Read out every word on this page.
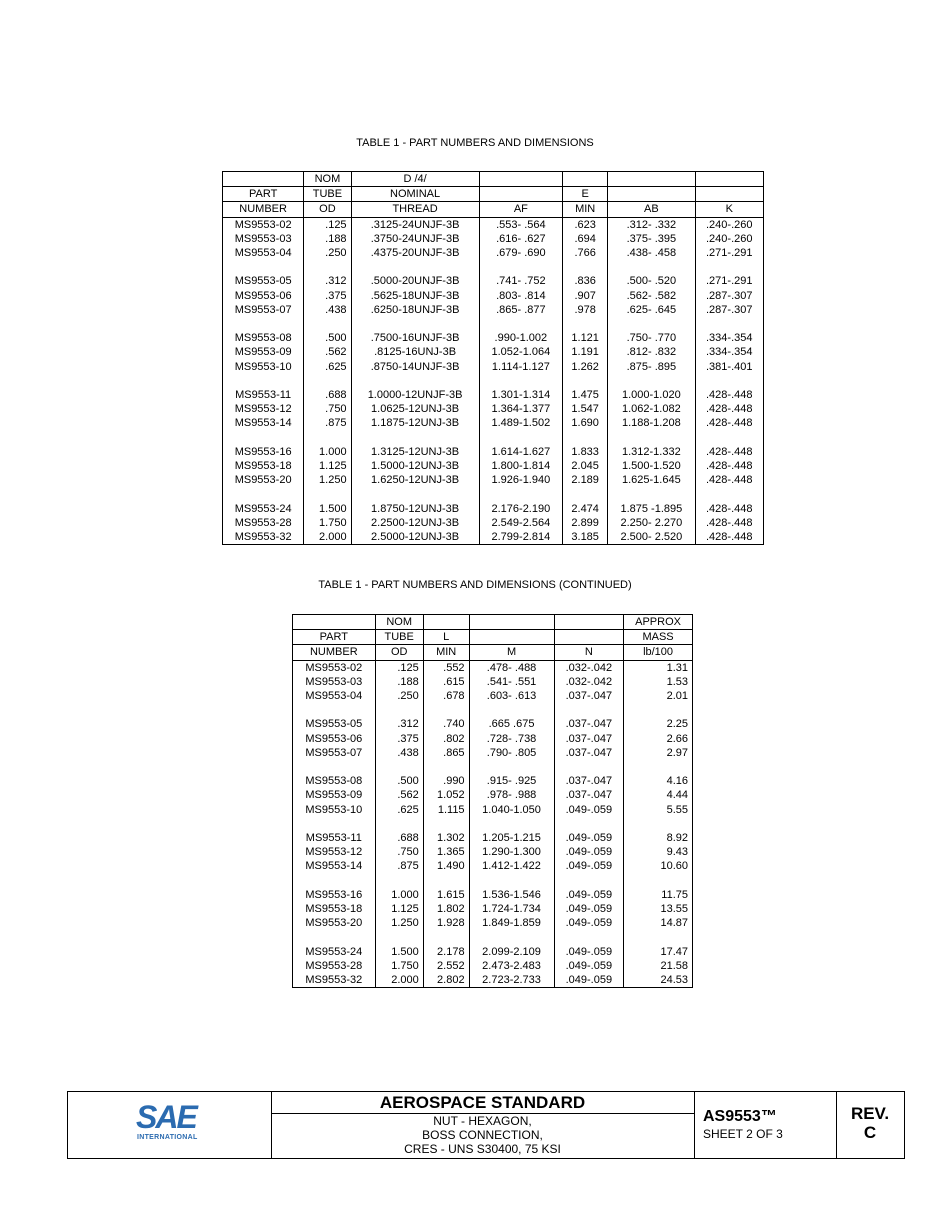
TABLE 1 - PART NUMBERS AND DIMENSIONS
	NOM	D /4/				
PART	TUBE	NOMINAL		E		
NUMBER	OD	THREAD	AF	MIN	AB	K
MS9553-02	.125	.3125-24UNJF-3B	.553- .564	.623	.312- .332	.240-.260
MS9553-03	.188	.3750-24UNJF-3B	.616- .627	.694	.375- .395	.240-.260
MS9553-04	.250	.4375-20UNJF-3B	.679- .690	.766	.438- .458	.271-.291

MS9553-05	.312	.5000-20UNJF-3B	.741- .752	.836	.500- .520	.271-.291
MS9553-06	.375	.5625-18UNJF-3B	.803- .814	.907	.562- .582	.287-.307
MS9553-07	.438	.6250-18UNJF-3B	.865- .877	.978	.625- .645	.287-.307

MS9553-08	.500	.7500-16UNJF-3B	.990-1.002	1.121	.750- .770	.334-.354
MS9553-09	.562	.8125-16UNJ-3B	1.052-1.064	1.191	.812- .832	.334-.354
MS9553-10	.625	.8750-14UNJF-3B	1.114-1.127	1.262	.875- .895	.381-.401

MS9553-11	.688	1.0000-12UNJF-3B	1.301-1.314	1.475	1.000-1.020	.428-.448
MS9553-12	.750	1.0625-12UNJ-3B	1.364-1.377	1.547	1.062-1.082	.428-.448
MS9553-14	.875	1.1875-12UNJ-3B	1.489-1.502	1.690	1.188-1.208	.428-.448

MS9553-16	1.000	1.3125-12UNJ-3B	1.614-1.627	1.833	1.312-1.332	.428-.448
MS9553-18	1.125	1.5000-12UNJ-3B	1.800-1.814	2.045	1.500-1.520	.428-.448
MS9553-20	1.250	1.6250-12UNJ-3B	1.926-1.940	2.189	1.625-1.645	.428-.448

MS9553-24	1.500	1.8750-12UNJ-3B	2.176-2.190	2.474	1.875 -1.895	.428-.448
MS9553-28	1.750	2.2500-12UNJ-3B	2.549-2.564	2.899	2.250- 2.270	.428-.448
MS9553-32	2.000	2.5000-12UNJ-3B	2.799-2.814	3.185	2.500- 2.520	.428-.448
TABLE 1 - PART NUMBERS AND DIMENSIONS (CONTINUED)
	NOM				APPROX
PART	TUBE	L			MASS
NUMBER	OD	MIN	M	N	lb/100
MS9553-02	.125	.552	.478- .488	.032-.042	1.31
MS9553-03	.188	.615	.541- .551	.032-.042	1.53
MS9553-04	.250	.678	.603- .613	.037-.047	2.01

MS9553-05	.312	.740	.665 .675	.037-.047	2.25
MS9553-06	.375	.802	.728- .738	.037-.047	2.66
MS9553-07	.438	.865	.790- .805	.037-.047	2.97

MS9553-08	.500	.990	.915- .925	.037-.047	4.16
MS9553-09	.562	1.052	.978- .988	.037-.047	4.44
MS9553-10	.625	1.115	1.040-1.050	.049-.059	5.55

MS9553-11	.688	1.302	1.205-1.215	.049-.059	8.92
MS9553-12	.750	1.365	1.290-1.300	.049-.059	9.43
MS9553-14	.875	1.490	1.412-1.422	.049-.059	10.60

MS9553-16	1.000	1.615	1.536-1.546	.049-.059	11.75
MS9553-18	1.125	1.802	1.724-1.734	.049-.059	13.55
MS9553-20	1.250	1.928	1.849-1.859	.049-.059	14.87

MS9553-24	1.500	2.178	2.099-2.109	.049-.059	17.47
MS9553-28	1.750	2.552	2.473-2.483	.049-.059	21.58
MS9553-32	2.000	2.802	2.723-2.733	.049-.059	24.53
SAE
INTERNATIONAL
AEROSPACE STANDARD
NUT - HEXAGON,
BOSS CONNECTION,
CRES - UNS S30400, 75 KSI
AS9553™
SHEET 2 OF 3
REV.
C
